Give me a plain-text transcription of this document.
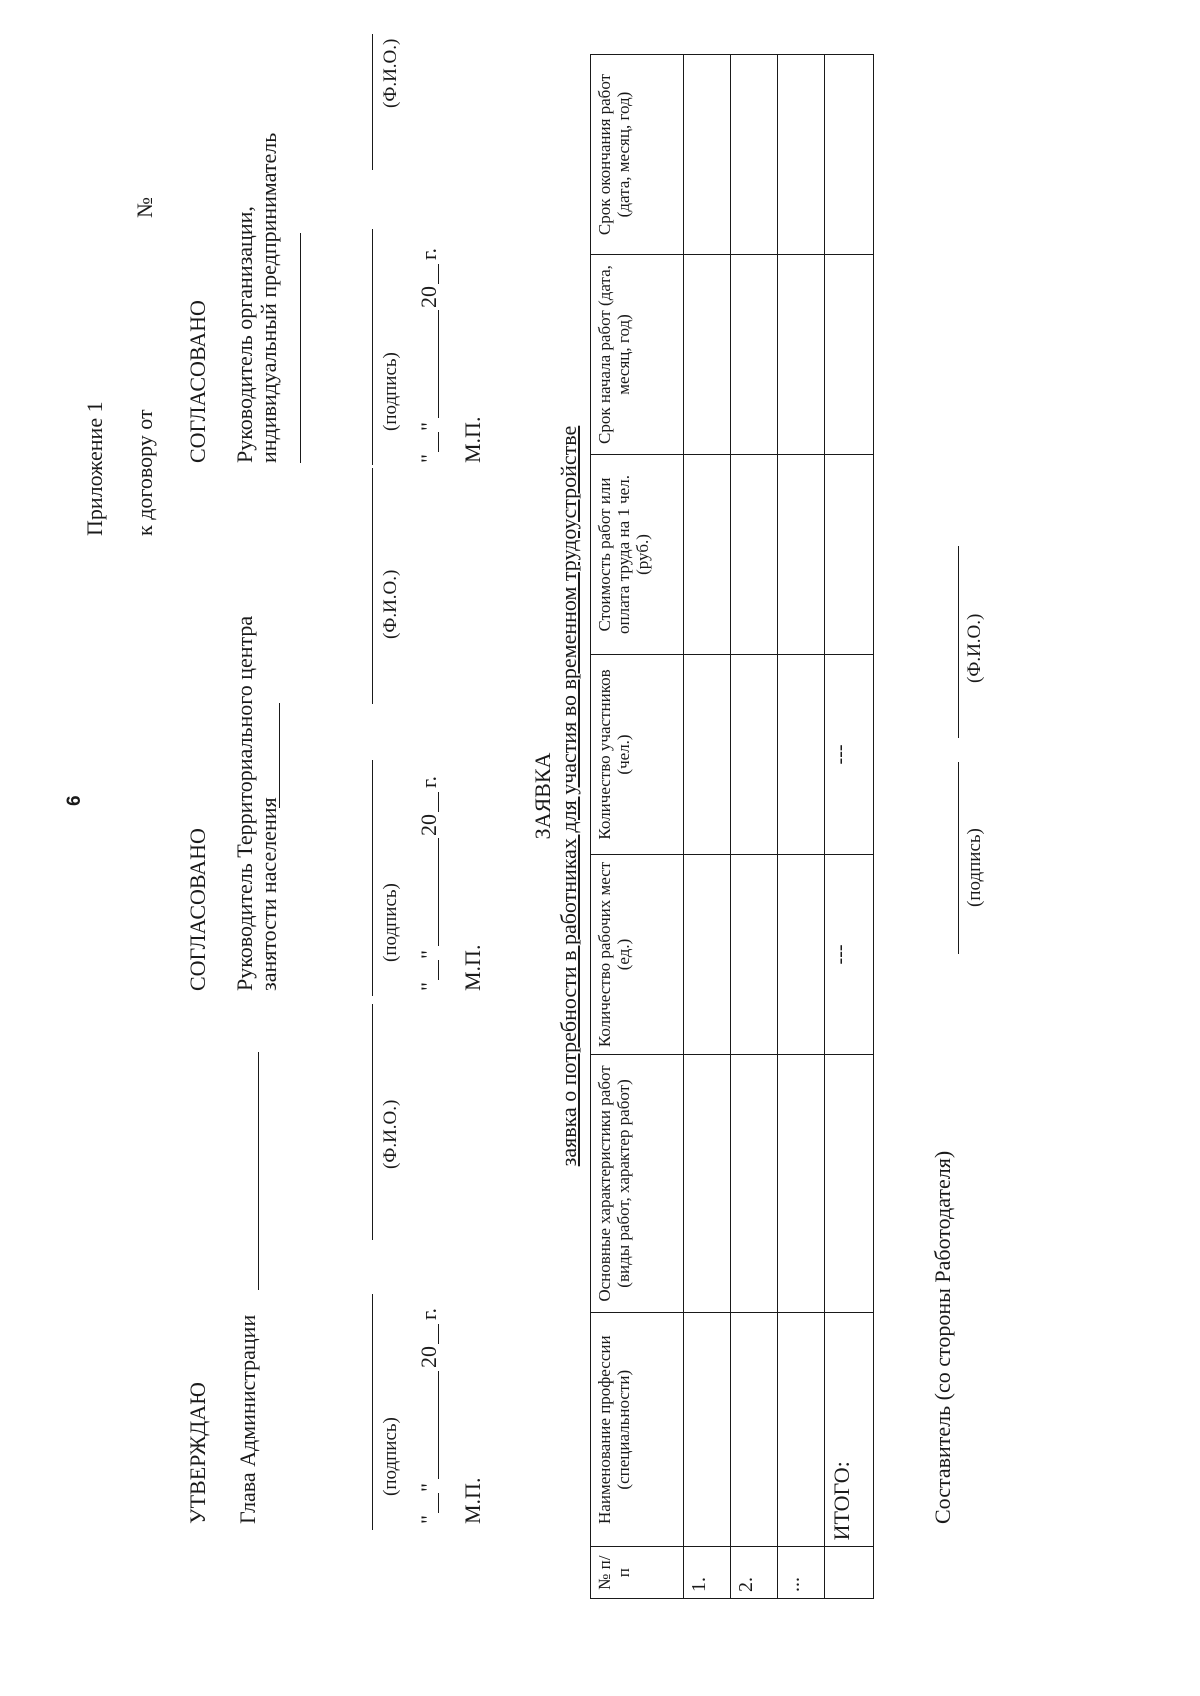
6
Приложение 1 к договору от
№
УТВЕРЖДАЮ Глава Администрации	(подпись)
(Ф.И.О.)
"
"
20
г.
М.П.
СОГЛАСОВАНО Руководитель Территориального центра занятости населения	(подпись)
(Ф.И.О.)
"
"
20
г.
М.П.
СОГЛАСОВАНО Руководитель организации, индивидуальный предприниматель	(подпись)
(Ф.И.О.)
"
"
20
г.
М.П.
ЗАЯВКА заявка о потребности в работниках для участия во временном трудоустройстве
№ п/п	Наименование профессии (специальности)	Основные характеристики работ (виды работ, характер работ)	Количество рабочих мест (ед.)	Количество участников (чел.)	Стоимость работ или оплата труда на 1 чел. (руб.)	Срок начала работ (дата, месяц, год)	Срок окончания работ (дата, месяц, год)
1.							
2.							
...							
	ИТОГО:		---	---			
Составитель (со стороны Работодателя)
(подпись)
(Ф.И.О.)
